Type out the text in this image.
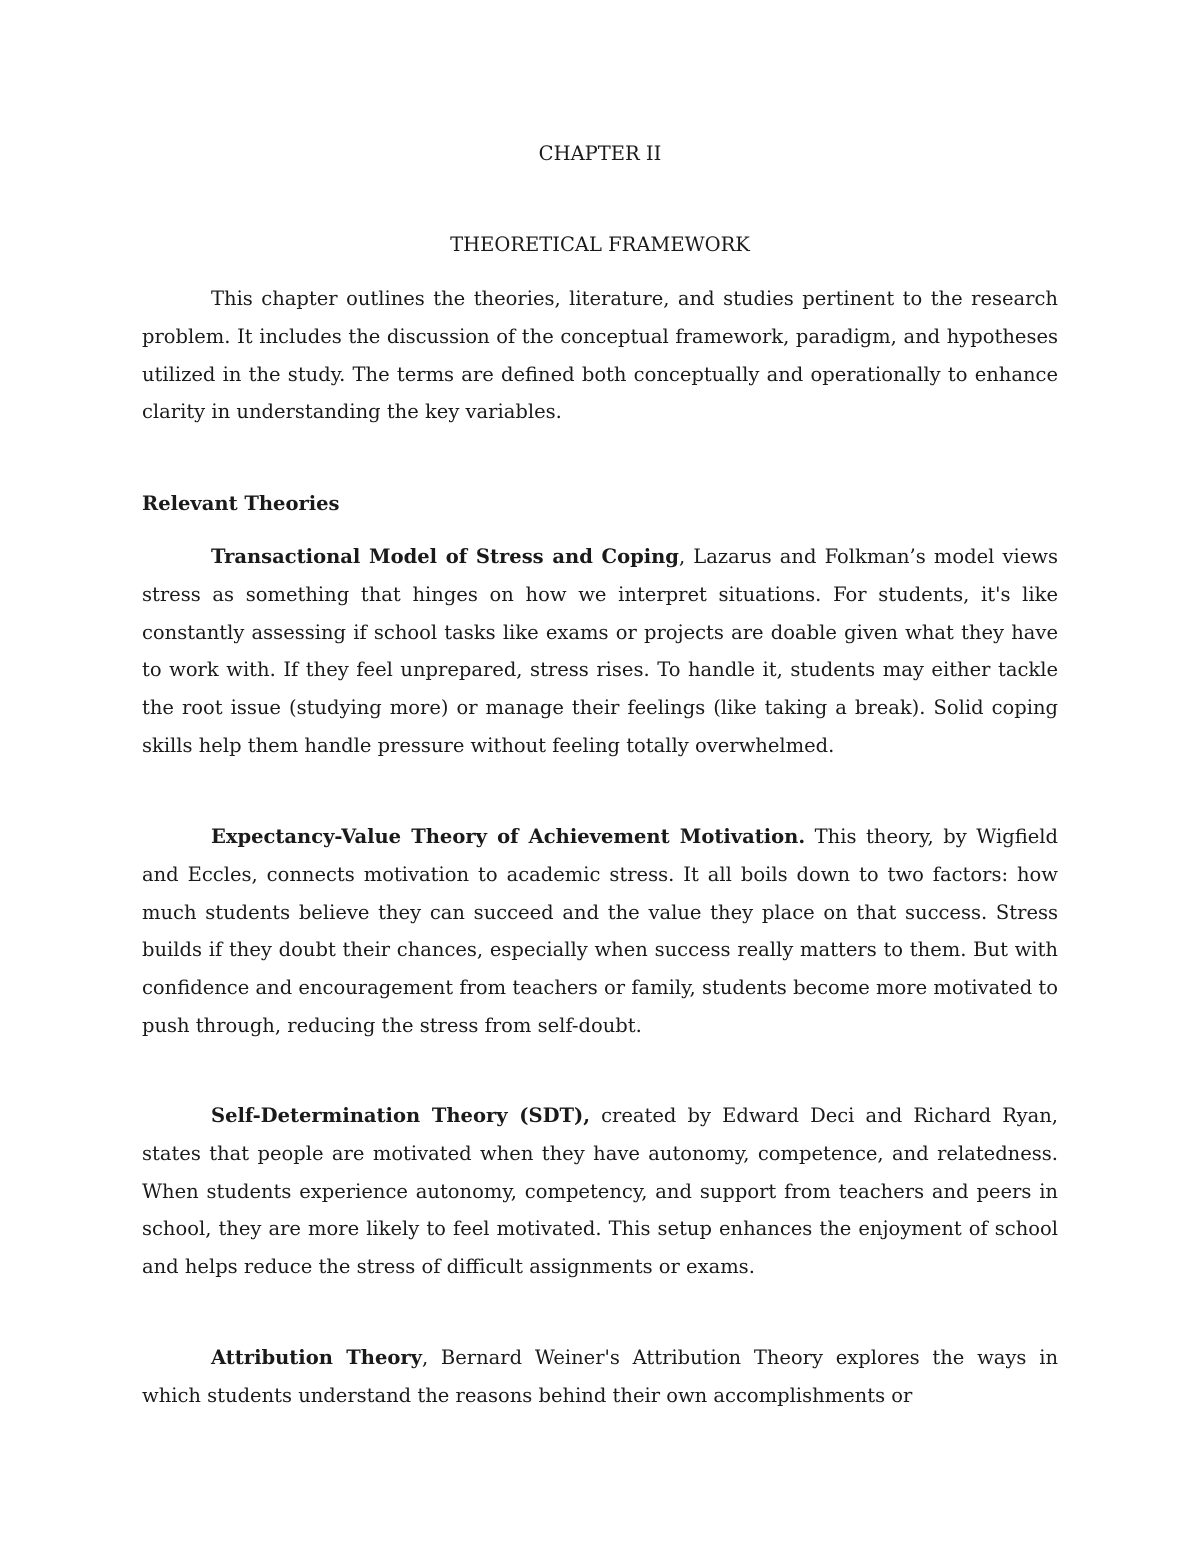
CHAPTER II
THEORETICAL FRAMEWORK

This chapter outlines the theories, literature, and studies pertinent to the research problem. It includes the discussion of the conceptual framework, paradigm, and hypotheses utilized in the study. The terms are defined both conceptually and operationally to enhance clarity in understanding the key variables.

Relevant Theories

Transactional Model of Stress and Coping, Lazarus and Folkman’s model views stress as something that hinges on how we interpret situations. For students, it's like constantly assessing if school tasks like exams or projects are doable given what they have to work with. If they feel unprepared, stress rises. To handle it, students may either tackle the root issue (studying more) or manage their feelings (like taking a break). Solid coping skills help them handle pressure without feeling totally overwhelmed.

Expectancy-Value Theory of Achievement Motivation. This theory, by Wigfield and Eccles, connects motivation to academic stress. It all boils down to two factors: how much students believe they can succeed and the value they place on that success. Stress builds if they doubt their chances, especially when success really matters to them. But with confidence and encouragement from teachers or family, students become more motivated to push through, reducing the stress from self-doubt.

Self-Determination Theory (SDT), created by Edward Deci and Richard Ryan, states that people are motivated when they have autonomy, competence, and relatedness. When students experience autonomy, competency, and support from teachers and peers in school, they are more likely to feel motivated. This setup enhances the enjoyment of school and helps reduce the stress of difficult assignments or exams.

Attribution Theory, Bernard Weiner's Attribution Theory explores the ways in which students understand the reasons behind their own accomplishments or
